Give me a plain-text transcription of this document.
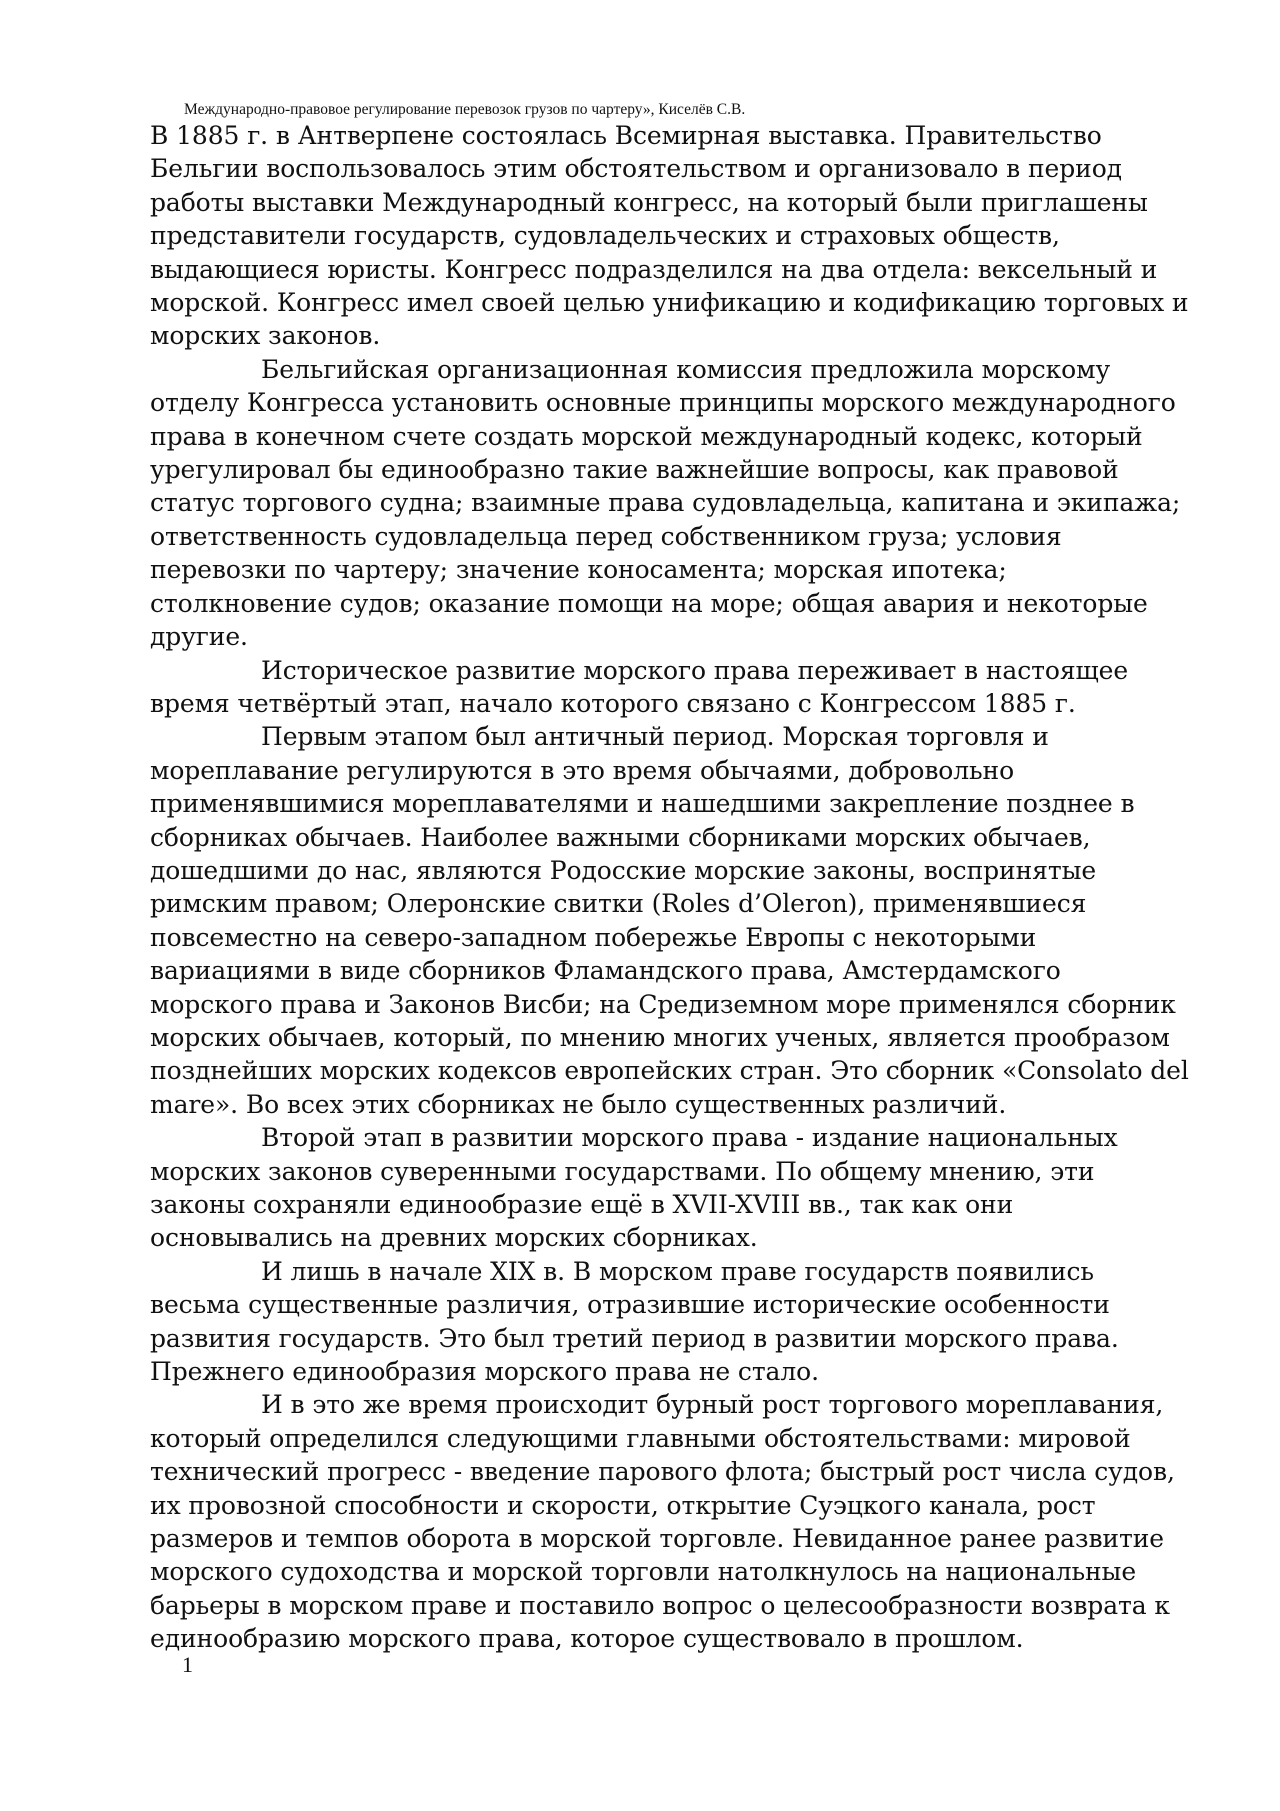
Международно-правовое регулирование перевозок грузов по чартеру», Киселёв С.В.

В 1885 г. в Антверпене состоялась Всемирная выставка. Правительство Бельгии воспользовалось этим обстоятельством и организовало в период работы выставки Международный конгресс, на который были приглашены представители государств, судовладельческих и страховых обществ, выдающиеся юристы. Конгресс подразделился на два отдела: вексельный и морской. Конгресс имел своей целью унификацию и кодификацию торговых и морских законов.

Бельгийская организационная комиссия предложила морскому отделу Конгресса установить основные принципы морского международного права в конечном счете создать морской международный кодекс, который урегулировал бы единообразно такие важнейшие вопросы, как правовой статус торгового судна; взаимные права судовладельца, капитана и экипажа; ответственность судовладельца перед собственником груза; условия перевозки по чартеру; значение коносамента; морская ипотека; столкновение судов; оказание помощи на море; общая авария и некоторые другие.

Историческое развитие морского права переживает в настоящее время четвёртый этап, начало которого связано с Конгрессом 1885 г.

Первым этапом был античный период. Морская торговля и мореплавание регулируются в это время обычаями, добровольно применявшимися мореплавателями и нашедшими закрепление позднее в сборниках обычаев. Наиболее важными сборниками морских обычаев, дошедшими до нас, являются Родосские морские законы, воспринятые римским правом; Олеронские свитки (Roles d’Oleron), применявшиеся повсеместно на северо-западном побережье Европы с некоторыми вариациями в виде сборников Фламандского права, Амстердамского морского права и Законов Висби; на Средиземном море применялся сборник морских обычаев, который, по мнению многих ученых, является прообразом позднейших морских кодексов европейских стран. Это сборник «Consolato del mare». Во всех этих сборниках не было существенных различий.

Второй этап в развитии морского права - издание национальных морских законов суверенными государствами. По общему мнению, эти законы сохраняли единообразие ещё в XVII-XVIII вв., так как они основывались на древних морских сборниках.

И лишь в начале XIX в. В морском праве государств появились весьма существенные различия, отразившие исторические особенности развития государств. Это был третий период в развитии морского права. Прежнего единообразия морского права не стало.

И в это же время происходит бурный рост торгового мореплавания, который определился следующими главными обстоятельствами: мировой технический прогресс - введение парового флота; быстрый рост числа судов, их провозной способности и скорости, открытие Суэцкого канала, рост размеров и темпов оборота в морской торговле. Невиданное ранее развитие морского судоходства и морской торговли натолкнулось на национальные барьеры в морском праве и поставило вопрос о целесообразности возврата к единообразию морского права, которое существовало в прошлом.

1
